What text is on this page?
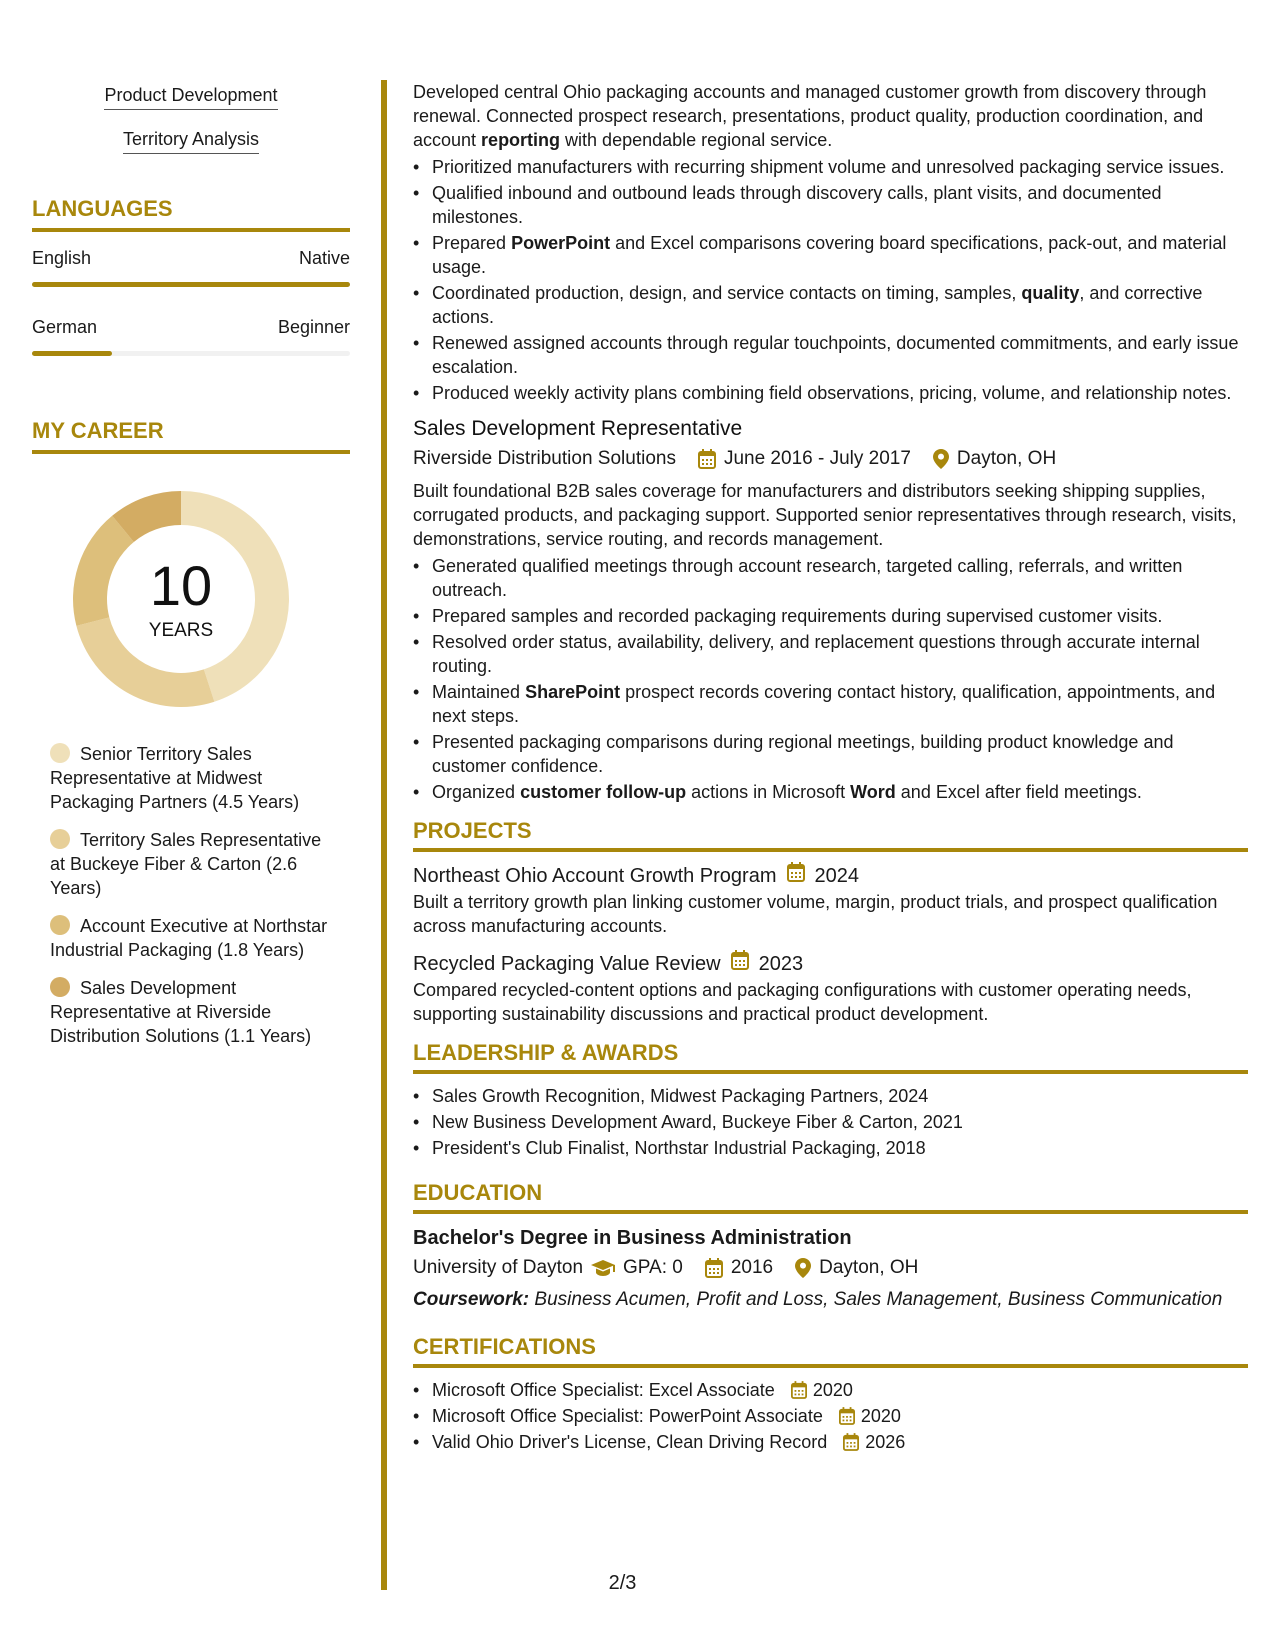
Product Development
Territory Analysis
LANGUAGES
English	Native
German	Beginner
MY CAREER
10
YEARS
Senior Territory Sales Representative at Midwest Packaging Partners (4.5 Years)
Territory Sales Representative at Buckeye Fiber & Carton (2.6 Years)
Account Executive at Northstar Industrial Packaging (1.8 Years)
Sales Development Representative at Riverside Distribution Solutions (1.1 Years)
Developed central Ohio packaging accounts and managed customer growth from discovery through renewal. Connected prospect research, presentations, product quality, production coordination, and account reporting with dependable regional service.
• Prioritized manufacturers with recurring shipment volume and unresolved packaging service issues.
• Qualified inbound and outbound leads through discovery calls, plant visits, and documented milestones.
• Prepared PowerPoint and Excel comparisons covering board specifications, pack-out, and material usage.
• Coordinated production, design, and service contacts on timing, samples, quality, and corrective actions.
• Renewed assigned accounts through regular touchpoints, documented commitments, and early issue escalation.
• Produced weekly activity plans combining field observations, pricing, volume, and relationship notes.
Sales Development Representative
Riverside Distribution Solutions	June 2016 - July 2017 Dayton, OH
Built foundational B2B sales coverage for manufacturers and distributors seeking shipping supplies, corrugated products, and packaging support. Supported senior representatives through research, visits, demonstrations, service routing, and records management.
• Generated qualified meetings through account research, targeted calling, referrals, and written outreach.
• Prepared samples and recorded packaging requirements during supervised customer visits.
• Resolved order status, availability, delivery, and replacement questions through accurate internal routing.
• Maintained SharePoint prospect records covering contact history, qualification, appointments, and next steps.
• Presented packaging comparisons during regional meetings, building product knowledge and customer confidence.
• Organized customer follow-up actions in Microsoft Word and Excel after field meetings.
PROJECTS
Northeast Ohio Account Growth Program 2024
Built a territory growth plan linking customer volume, margin, product trials, and prospect qualification across manufacturing accounts.
Recycled Packaging Value Review 2023
Compared recycled-content options and packaging configurations with customer operating needs, supporting sustainability discussions and practical product development.
LEADERSHIP & AWARDS
• Sales Growth Recognition, Midwest Packaging Partners, 2024
• New Business Development Award, Buckeye Fiber & Carton, 2021
• President's Club Finalist, Northstar Industrial Packaging, 2018
EDUCATION
Bachelor's Degree in Business Administration
University of Dayton GPA: 0	2016 Dayton, OH
Coursework: Business Acumen, Profit and Loss, Sales Management, Business Communication
CERTIFICATIONS
• Microsoft Office Specialist: Excel Associate 2020
• Microsoft Office Specialist: PowerPoint Associate 2020
• Valid Ohio Driver's License, Clean Driving Record 2026
2/3
